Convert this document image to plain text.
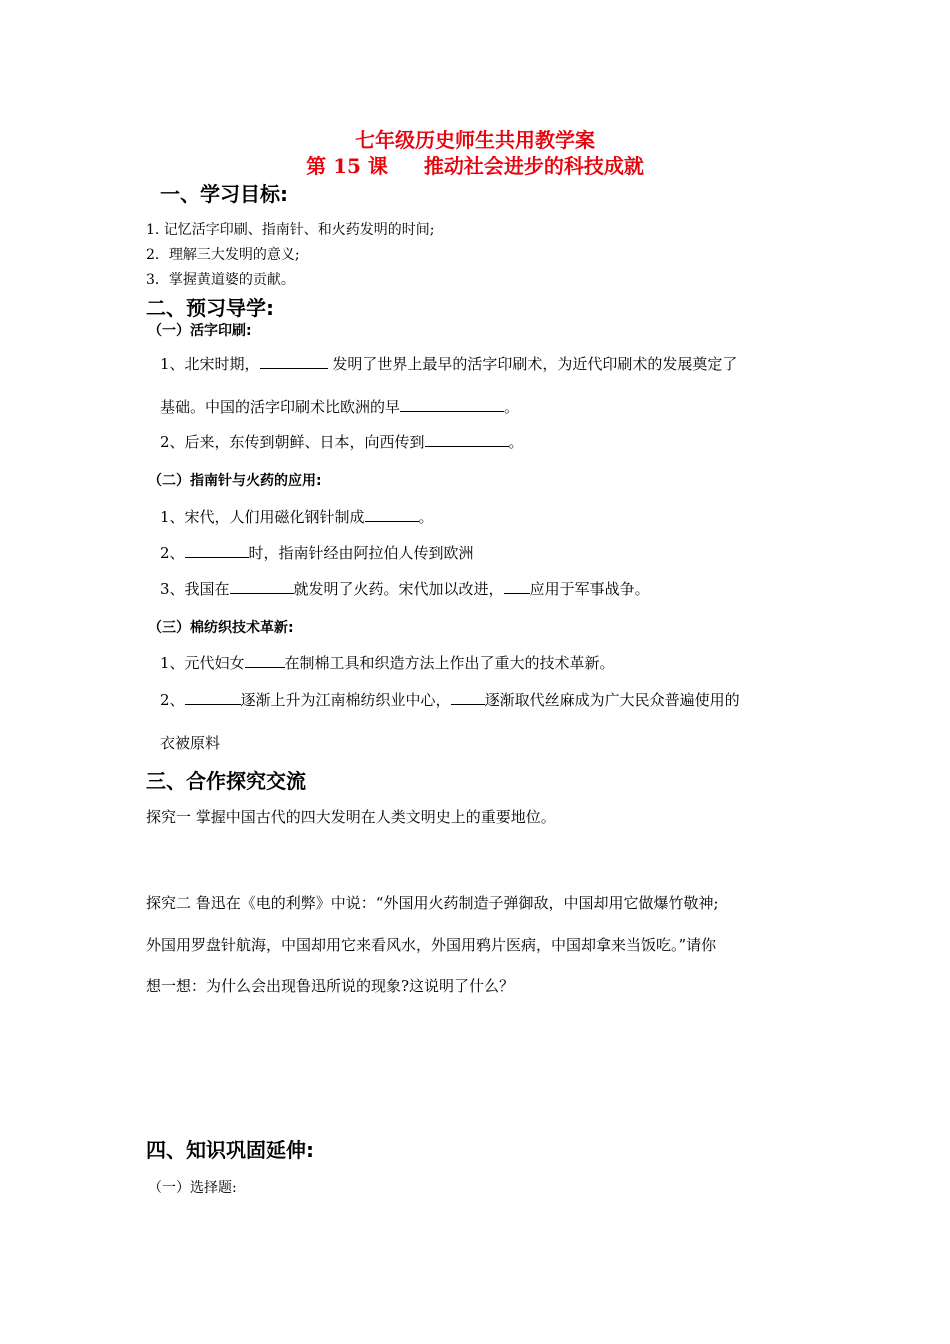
七年级历史师生共用教学案
第 15 课 推动社会进步的科技成就
一、学习目标:
1. 记忆活字印刷、指南针、和火药发明的时间;
2．理解三大发明的意义;
3．掌握黄道婆的贡献。
二、预习导学:
（一）活字印刷:
1、北宋时期，	发明了世界上最早的活字印刷术，为近代印刷术的发展奠定了
基础。中国的活字印刷术比欧洲的早	。
2、后来，东传到朝鲜、日本，向西传到	。
（二）指南针与火药的应用:
1、宋代，人们用磁化钢针制成	。
2、	时，指南针经由阿拉伯人传到欧洲
3、我国在	就发明了火药。宋代加以改进， 应用于军事战争。
（三）棉纺织技术革新:
1、元代妇女	在制棉工具和织造方法上作出了重大的技术革新。
2、	逐渐上升为江南棉纺织业中心， 逐渐取代丝麻成为广大民众普遍使用的
衣被原料
三、合作探究交流
探究一 掌握中国古代的四大发明在人类文明史上的重要地位。
探究二 鲁迅在《电的利弊》中说：“外国用火药制造子弹御敌，中国却用它做爆竹敬神;
外国用罗盘针航海，中国却用它来看风水，外国用鸦片医病，中国却拿来当饭吃。”请你
想一想：为什么会出现鲁迅所说的现象?这说明了什么？
四、知识巩固延伸:
（一）选择题:
